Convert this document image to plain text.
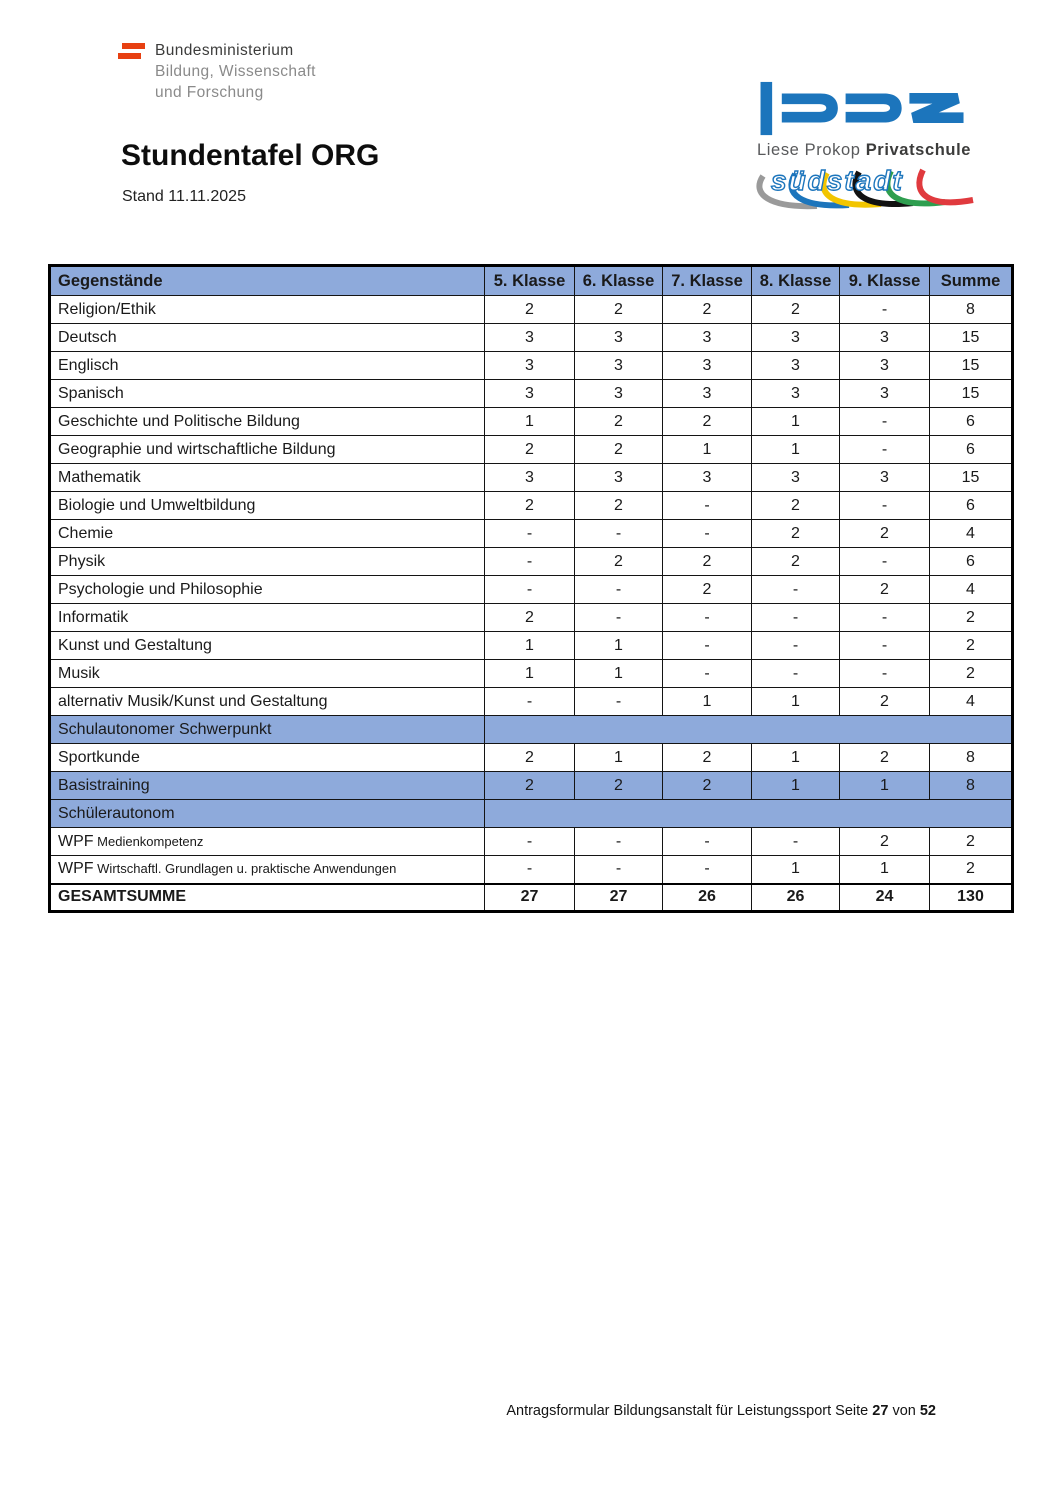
Bundesministerium
Bildung, Wissenschaft
und Forschung
Liese Prokop Privatschule
südstadt
Stundentafel ORG
Stand 11.11.2025
Gegenstände	5. Klasse	6. Klasse	7. Klasse	8. Klasse	9. Klasse	Summe
Religion/Ethik	2	2	2	2	-	8
Deutsch	3	3	3	3	3	15
Englisch	3	3	3	3	3	15
Spanisch	3	3	3	3	3	15
Geschichte und Politische Bildung	1	2	2	1	-	6
Geographie und wirtschaftliche Bildung	2	2	1	1	-	6
Mathematik	3	3	3	3	3	15
Biologie und Umweltbildung	2	2	-	2	-	6
Chemie	-	-	-	2	2	4
Physik	-	2	2	2	-	6
Psychologie und Philosophie	-	-	2	-	2	4
Informatik	2	-	-	-	-	2
Kunst und Gestaltung	1	1	-	-	-	2
Musik	1	1	-	-	-	2
alternativ Musik/Kunst und Gestaltung	-	-	1	1	2	4
Schulautonomer Schwerpunkt						
Sportkunde	2	1	2	1	2	8
Basistraining	2	2	2	1	1	8
Schülerautonom						
WPF Medienkompetenz	-	-	-	-	2	2
WPF Wirtschaftl. Grundlagen u. praktische Anwendungen	-	-	-	1	1	2
GESAMTSUMME	27	27	26	26	24	130
Antragsformular Bildungsanstalt für Leistungssport Seite 27 von 52
